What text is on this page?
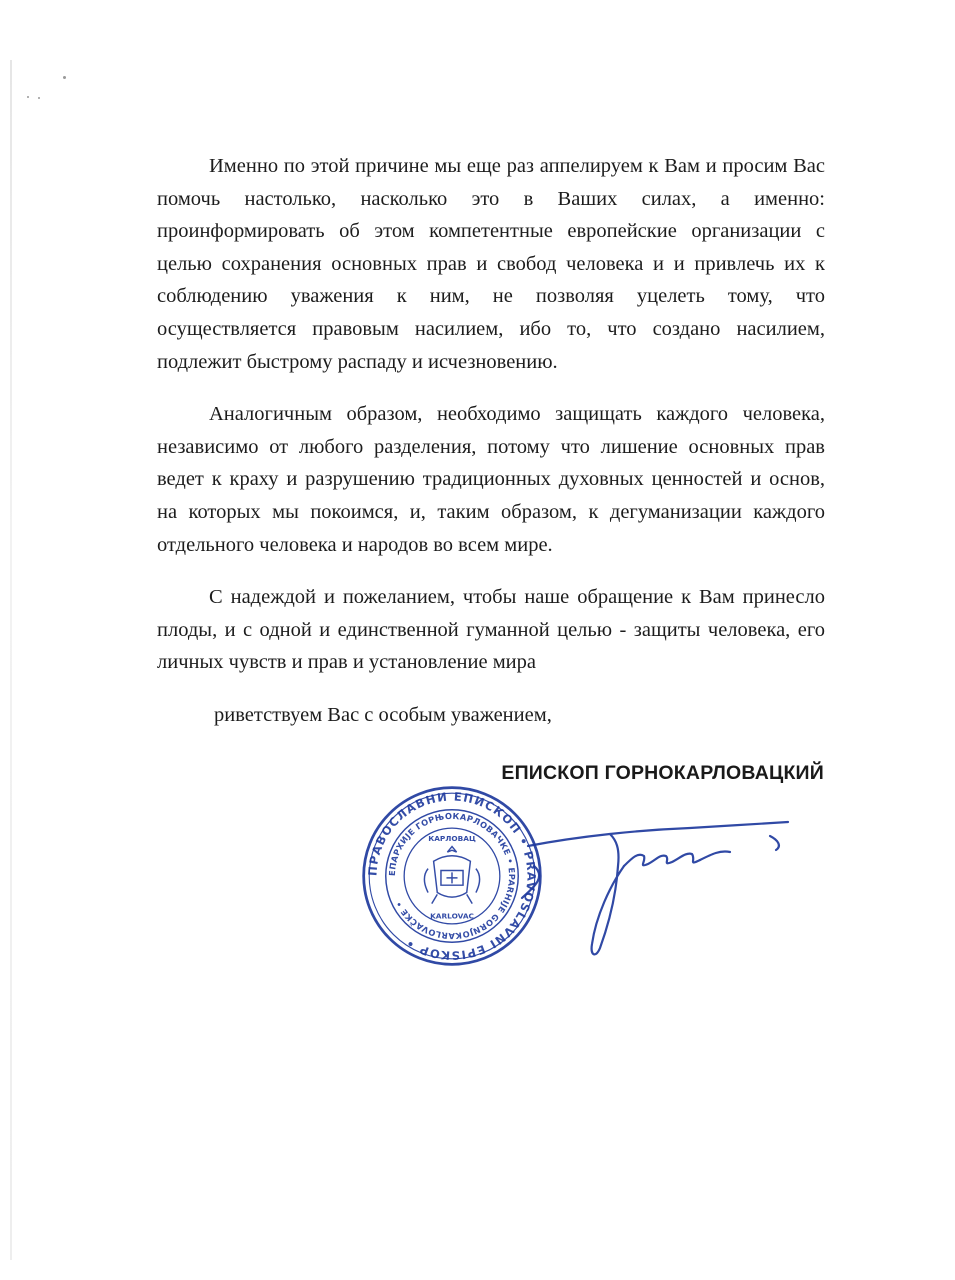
Именно по этой причине мы еще раз аппелируем к Вам и просим Вас помочь настолько, насколько это в Ваших силах, а именно: проинформировать об этом компетентные европейские организации с целью сохранения основных прав и свобод человека и и привлечь их к соблюдению уважения к ним, не позволяя уцелеть тому, что осуществляется правовым насилием, ибо то, что создано насилием, подлежит быстрому распаду и исчезновению.

Аналогичным образом, необходимо защищать каждого человека, независимо от любого разделения, потому что лишение основных прав ведет к краху и разрушению традиционных духовных ценностей и основ, на которых мы покоимся, и, таким образом, к дегуманизации каждого отдельного человека и народов во всем мире.

С надеждой и пожеланием, чтобы наше обращение к Вам принесло плоды, и с одной и единственной гуманной целью - защиты человека, его личных чувств и прав и установление мира

риветствуем Вас с особым уважением,

ЕПИСКОП ГОРНОКАРЛОВАЦКИЙ
ПРАВОСЛАВНИ ЕПИСКОП • PRAVOSLAVNI EPISKOP •
ЕПАРХИЈЕ ГОРЊОКАРЛОВАЧКЕ • EPARHIJE GORNJOKARLOVAČKE •
КАРЛОВАЦ
KARLOVAC
